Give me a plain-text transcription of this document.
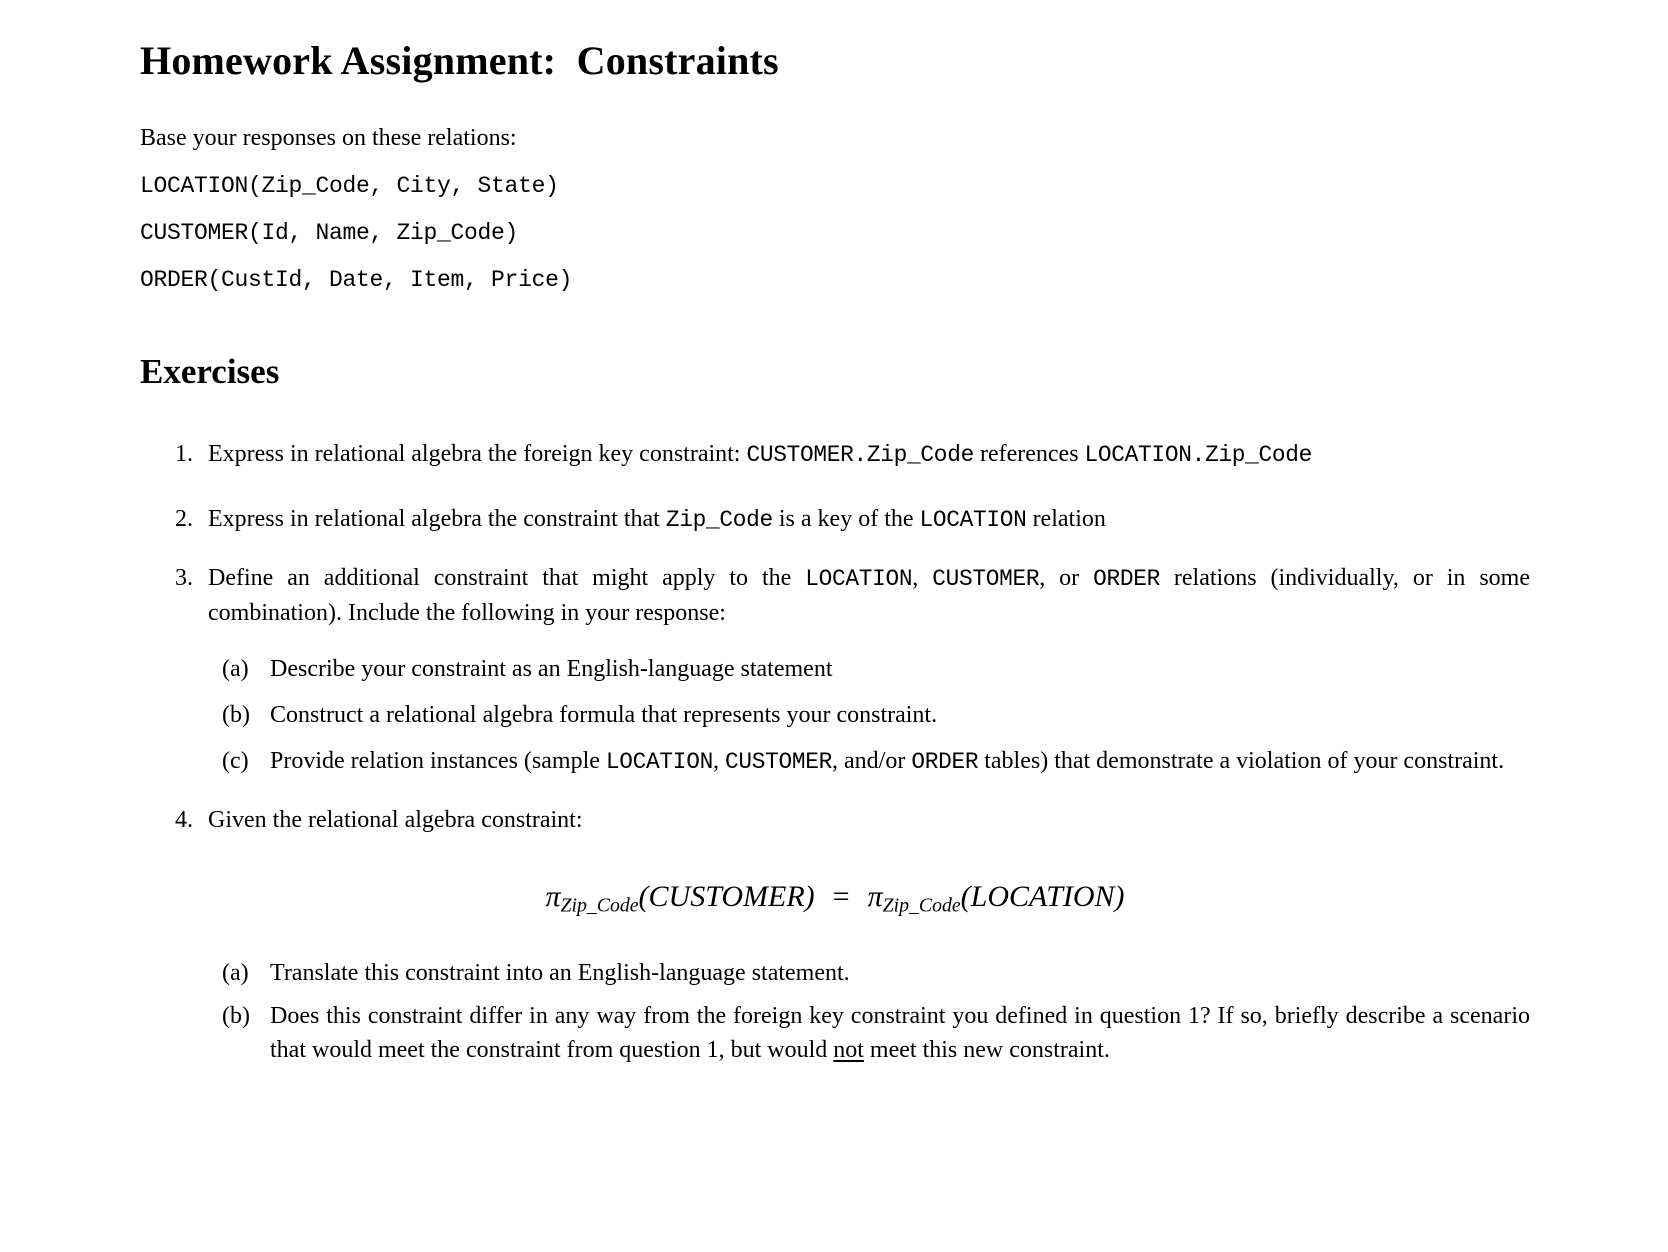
Homework Assignment:  Constraints

Base your responses on these relations:

LOCATION(Zip_Code, City, State)

CUSTOMER(Id, Name, Zip_Code)

ORDER(CustId, Date, Item, Price)

Exercises
1. Express in relational algebra the foreign key constraint: CUSTOMER.Zip_Code references LOCATION.Zip_Code
2. Express in relational algebra the constraint that Zip_Code is a key of the LOCATION relation
3. Define an additional constraint that might apply to the LOCATION, CUSTOMER, or ORDER relations (individually, or in some combination). Include the following in your response:
(a) Describe your constraint as an English-language statement
(b) Construct a relational algebra formula that represents your constraint.
(c) Provide relation instances (sample LOCATION, CUSTOMER, and/or ORDER tables) that demonstrate a violation of your constraint.
4. Given the relational algebra constraint:
$\pi_{Zip\_Code}(CUSTOMER)$ = $\pi_{Zip\_Code}(LOCATION)$
(a) Translate this constraint into an English-language statement.
(b) Does this constraint differ in any way from the foreign key constraint you defined in question 1? If so, briefly describe a scenario that would meet the constraint from question 1, but would not meet this new constraint.
